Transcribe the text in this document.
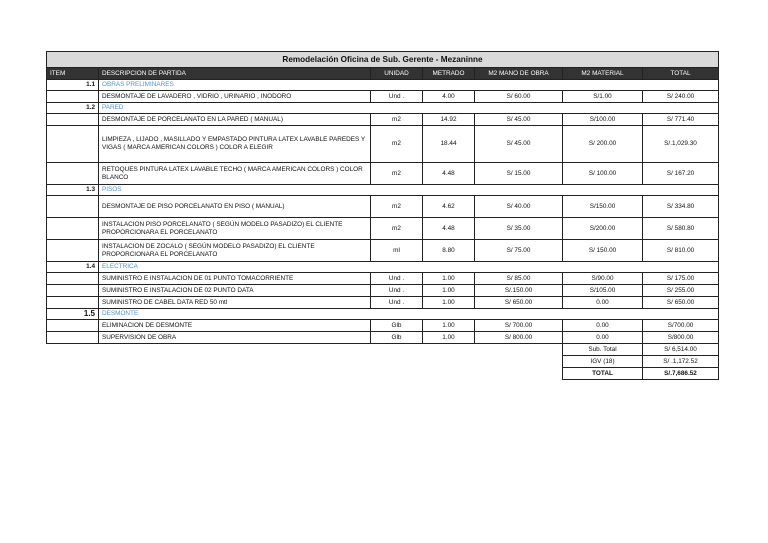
Remodelación Oficina de Sub. Gerente - Mezaninne						
ITEM	DESCRIPCION DE PARTIDA	UNIDAD	METRADO	M2 MANO DE OBRA	M2 MATERIAL	TOTAL
1.1	OBRAS PRELIMINARES					
	DESMONTAJE DE LAVADERO , VIDRIO , URINARIO , INODORO	Und .	4.00	S/ 60.00	S/1.00	S/ 240.00
1.2	PARED					
	DESMONTAJE DE PORCELANATO EN LA PARED ( MANUAL)	m2	14.92	S/ 45.00	S/100.00	S/ 771.40
	LIMPIEZA , LIJADO , MASILLADO Y EMPASTADO PINTURA LATEX LAVABLE PAREDES Y VIGAS ( MARCA AMERICAN COLORS ) COLOR A ELEGIR	m2	18.44	S/ 45.00	S/ 200.00	S/.1,029.30
	RETOQUES PINTURA LATEX LAVABLE TECHO ( MARCA AMERICAN COLORS ) COLOR BLANCO	m2	4.48	S/ 15.00	S/ 100.00	S/ 167.20
1.3	PISOS					
	DESMONTAJE DE PISO PORCELANATO EN PISO ( MANUAL)	m2	4.62	S/ 40.00	S/150.00	S/ 334.80
	INSTALACION PISO PORCELANATO ( SEGÚN MODELO PASADIZO) EL CLIENTE PROPORCIONARA EL PORCELANATO	m2	4.48	S/ 35.00	S/200.00	S/ 580.80
	INSTALACION DE ZOCALO ( SEGÚN MODELO PASADIZO) EL CLIENTE PROPORCIONARA EL PORCELANATO	ml	8.80	S/ 75.00	S/ 150.00	S/ 810.00
1.4	ELECTRICA					
	SUMINISTRO E INSTALACION DE 01 PUNTO TOMACORRIENTE	Und .	1.00	S/ 85.00	S/90.00	S/ 175.00
	SUMINISTRO E INSTALACION DE 02 PUNTO DATA	Und .	1.00	S/.150.00	S/105.00	S/ 255.00
	SUMINISTRO DE CABEL DATA RED 50 mtl	Und .	1.00	S/ 650.00	0.00	S/ 650.00
1.5	DESMONTE					
	ELIMINACION DE DESMONTE	Glb	1.00	S/ 700.00	0.00	S/700.00
	SUPERVISION DE OBRA	Glb	1.00	S/ 800.00	0.00	S/800.00
					Sub. Total	S/ 6,514.00
					IGV (18)	S/ .1,172.52
					TOTAL	S/.7,686.52
